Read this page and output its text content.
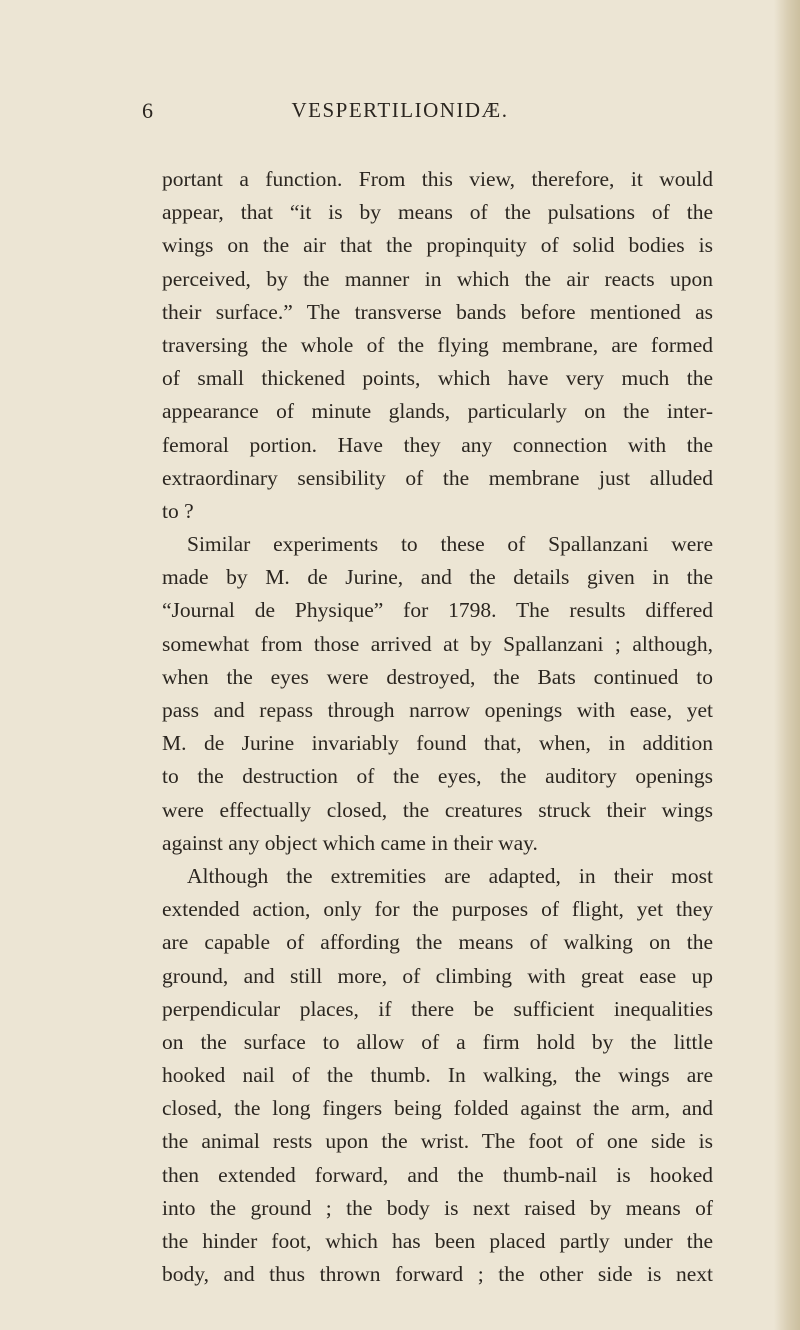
6	VESPERTILIONIDÆ.
portant a function. From this view, therefore, it would
appear, that “it is by means of the pulsations of the
wings on the air that the propinquity of solid bodies is
perceived, by the manner in which the air reacts upon
their surface.” The transverse bands before mentioned as
traversing the whole of the flying membrane, are formed
of small thickened points, which have very much the
appearance of minute glands, particularly on the inter-
femoral portion. Have they any connection with the
extraordinary sensibility of the membrane just alluded
to ?
Similar experiments to these of Spallanzani were
made by M. de Jurine, and the details given in the
“Journal de Physique” for 1798. The results differed
somewhat from those arrived at by Spallanzani ; although,
when the eyes were destroyed, the Bats continued to
pass and repass through narrow openings with ease, yet
M. de Jurine invariably found that, when, in addition
to the destruction of the eyes, the auditory openings
were effectually closed, the creatures struck their wings
against any object which came in their way.
Although the extremities are adapted, in their most
extended action, only for the purposes of flight, yet they
are capable of affording the means of walking on the
ground, and still more, of climbing with great ease up
perpendicular places, if there be sufficient inequalities
on the surface to allow of a firm hold by the little
hooked nail of the thumb. In walking, the wings are
closed, the long fingers being folded against the arm, and
the animal rests upon the wrist. The foot of one side is
then extended forward, and the thumb-nail is hooked
into the ground ; the body is next raised by means of
the hinder foot, which has been placed partly under the
body, and thus thrown forward ; the other side is next
